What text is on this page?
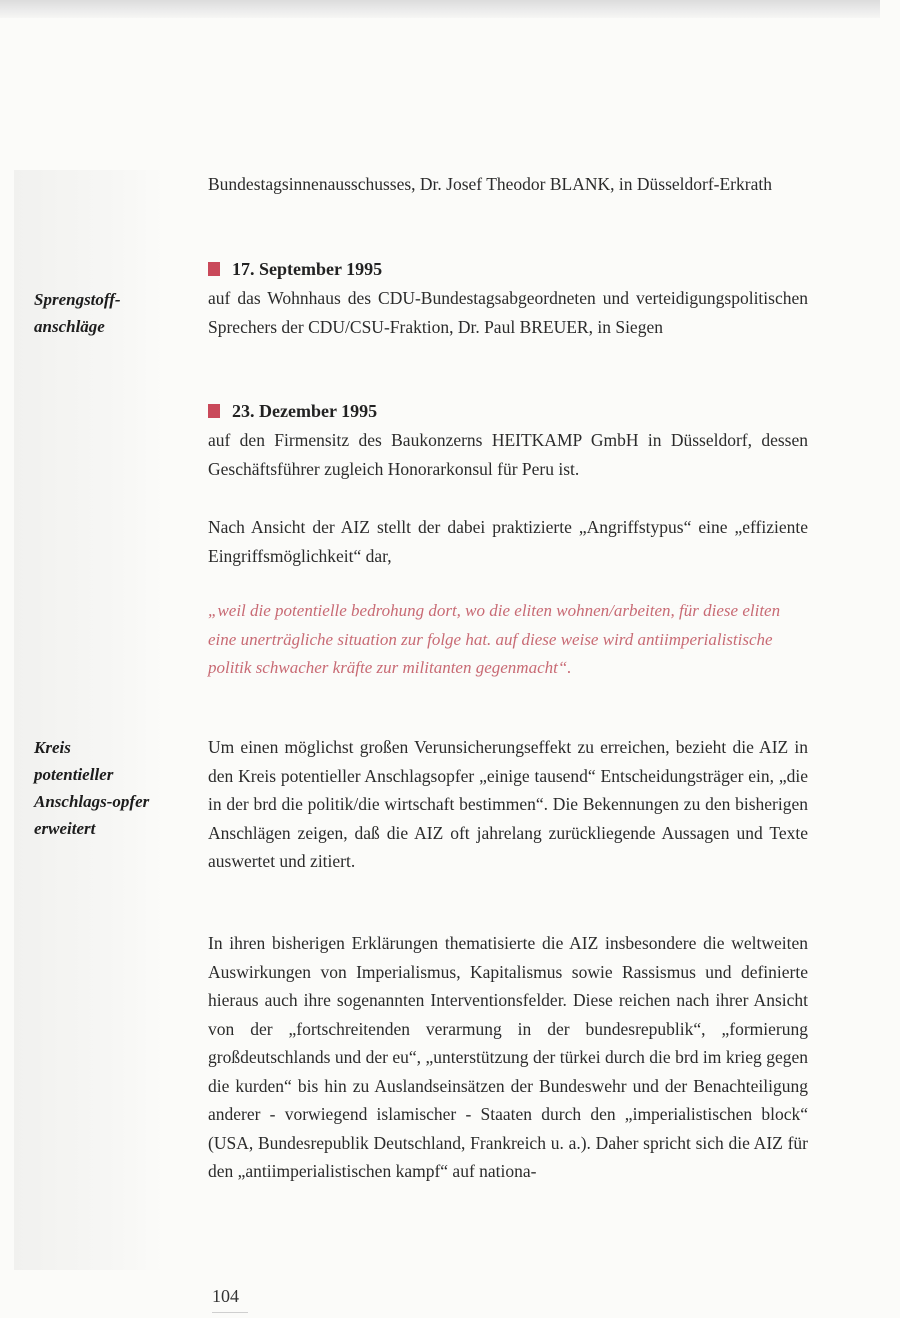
Bundestagsinnenausschusses, Dr. Josef Theodor BLANK, in Düsseldorf-Erkrath

Sprengstoff-anschläge
17. September 1995

auf das Wohnhaus des CDU-Bundestagsabgeordneten und verteidigungspolitischen Sprechers der CDU/CSU-Fraktion, Dr. Paul BREUER, in Siegen

23. Dezember 1995

auf den Firmensitz des Baukonzerns HEITKAMP GmbH in Düsseldorf, dessen Geschäftsführer zugleich Honorarkonsul für Peru ist.

Nach Ansicht der AIZ stellt der dabei praktizierte „Angriffstypus“ eine „effiziente Eingriffsmöglichkeit“ dar,

„weil die potentielle bedrohung dort, wo die eliten wohnen/arbeiten, für diese eliten eine unerträgliche situation zur folge hat. auf diese weise wird antiimperialistische politik schwacher kräfte zur militanten gegenmacht“.
Kreis potentieller Anschlags-opfer erweitert

Um einen möglichst großen Verunsicherungseffekt zu erreichen, bezieht die AIZ in den Kreis potentieller Anschlagsopfer „einige tausend“ Entscheidungsträger ein, „die in der brd die politik/die wirtschaft bestimmen“. Die Bekennungen zu den bisherigen Anschlägen zeigen, daß die AIZ oft jahrelang zurückliegende Aussagen und Texte auswertet und zitiert.

In ihren bisherigen Erklärungen thematisierte die AIZ insbesondere die weltweiten Auswirkungen von Imperialismus, Kapitalismus sowie Rassismus und definierte hieraus auch ihre sogenannten Interventionsfelder. Diese reichen nach ihrer Ansicht von der „fortschreitenden verarmung in der bundesrepublik“, „formierung großdeutschlands und der eu“, „unterstützung der türkei durch die brd im krieg gegen die kurden“ bis hin zu Auslandseinsätzen der Bundeswehr und der Benachteiligung anderer - vorwiegend islamischer - Staaten durch den „imperialistischen block“ (USA, Bundesrepublik Deutschland, Frankreich u. a.). Daher spricht sich die AIZ für den „antiimperialistischen kampf“ auf nationa-

104
